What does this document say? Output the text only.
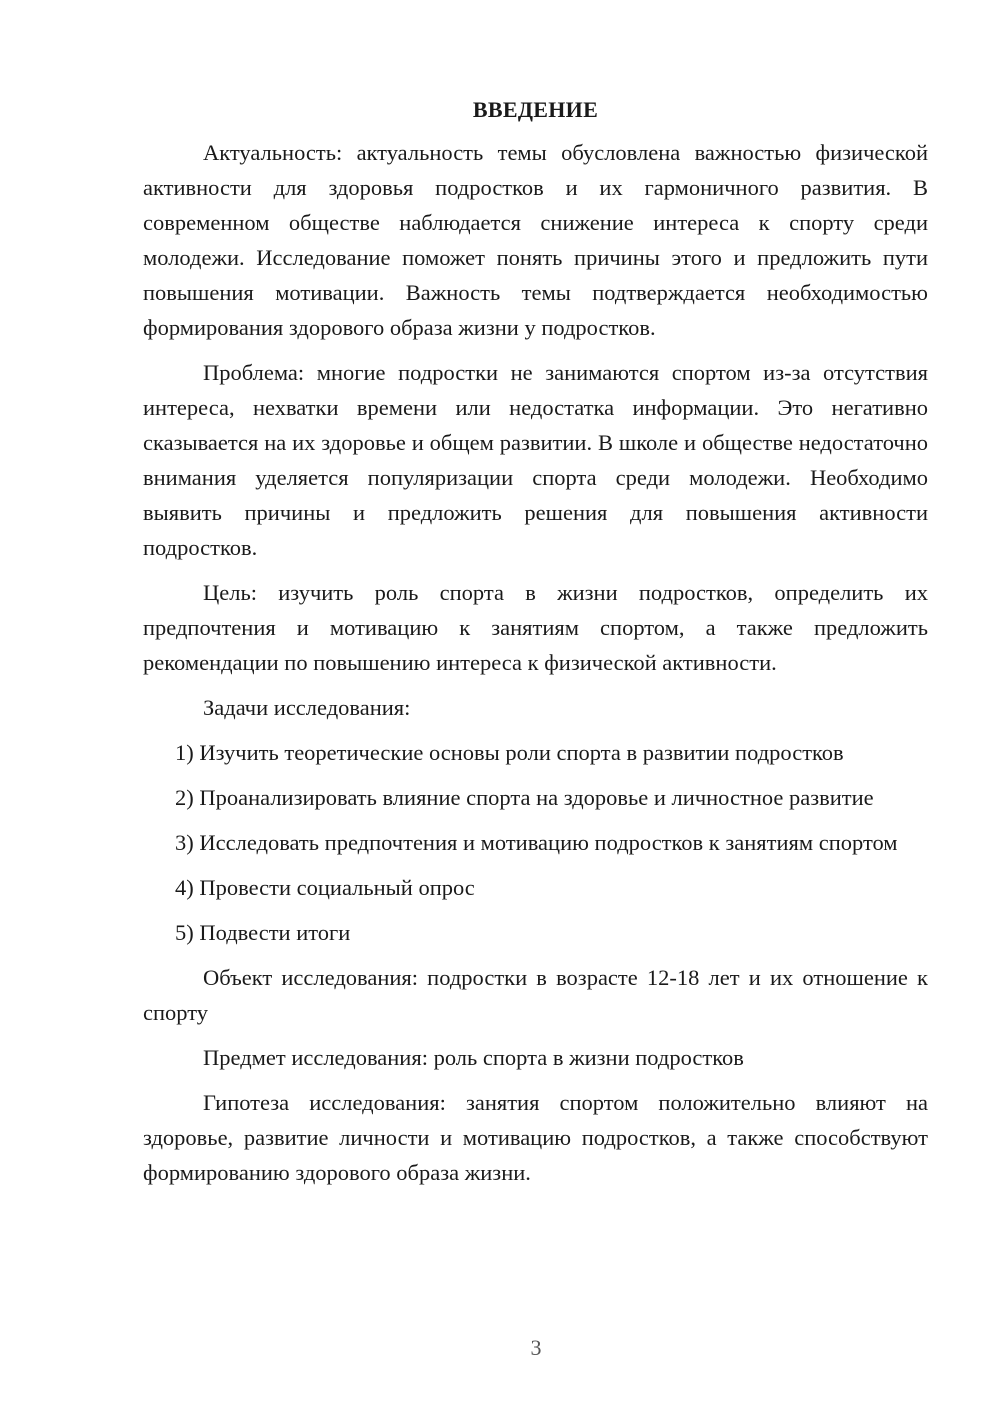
ВВЕДЕНИЕ

Актуальность: актуальность темы обусловлена важностью физической активности для здоровья подростков и их гармоничного развития. В современном обществе наблюдается снижение интереса к спорту среди молодежи. Исследование поможет понять причины этого и предложить пути повышения мотивации. Важность темы подтверждается необходимостью формирования здорового образа жизни у подростков.

Проблема: многие подростки не занимаются спортом из-за отсутствия интереса, нехватки времени или недостатка информации. Это негативно сказывается на их здоровье и общем развитии. В школе и обществе недостаточно внимания уделяется популяризации спорта среди молодежи. Необходимо выявить причины и предложить решения для повышения активности подростков.

Цель: изучить роль спорта в жизни подростков, определить их предпочтения и мотивацию к занятиям спортом, а также предложить рекомендации по повышению интереса к физической активности.

Задачи исследования:

1) Изучить теоретические основы роли спорта в развитии подростков

2) Проанализировать влияние спорта на здоровье и личностное развитие

3) Исследовать предпочтения и мотивацию подростков к занятиям спортом

4) Провести социальный опрос

5) Подвести итоги

Объект исследования: подростки в возрасте 12-18 лет и их отношение к спорту

Предмет исследования: роль спорта в жизни подростков

Гипотеза исследования: занятия спортом положительно влияют на здоровье, развитие личности и мотивацию подростков, а также способствуют формированию здорового образа жизни.

3
